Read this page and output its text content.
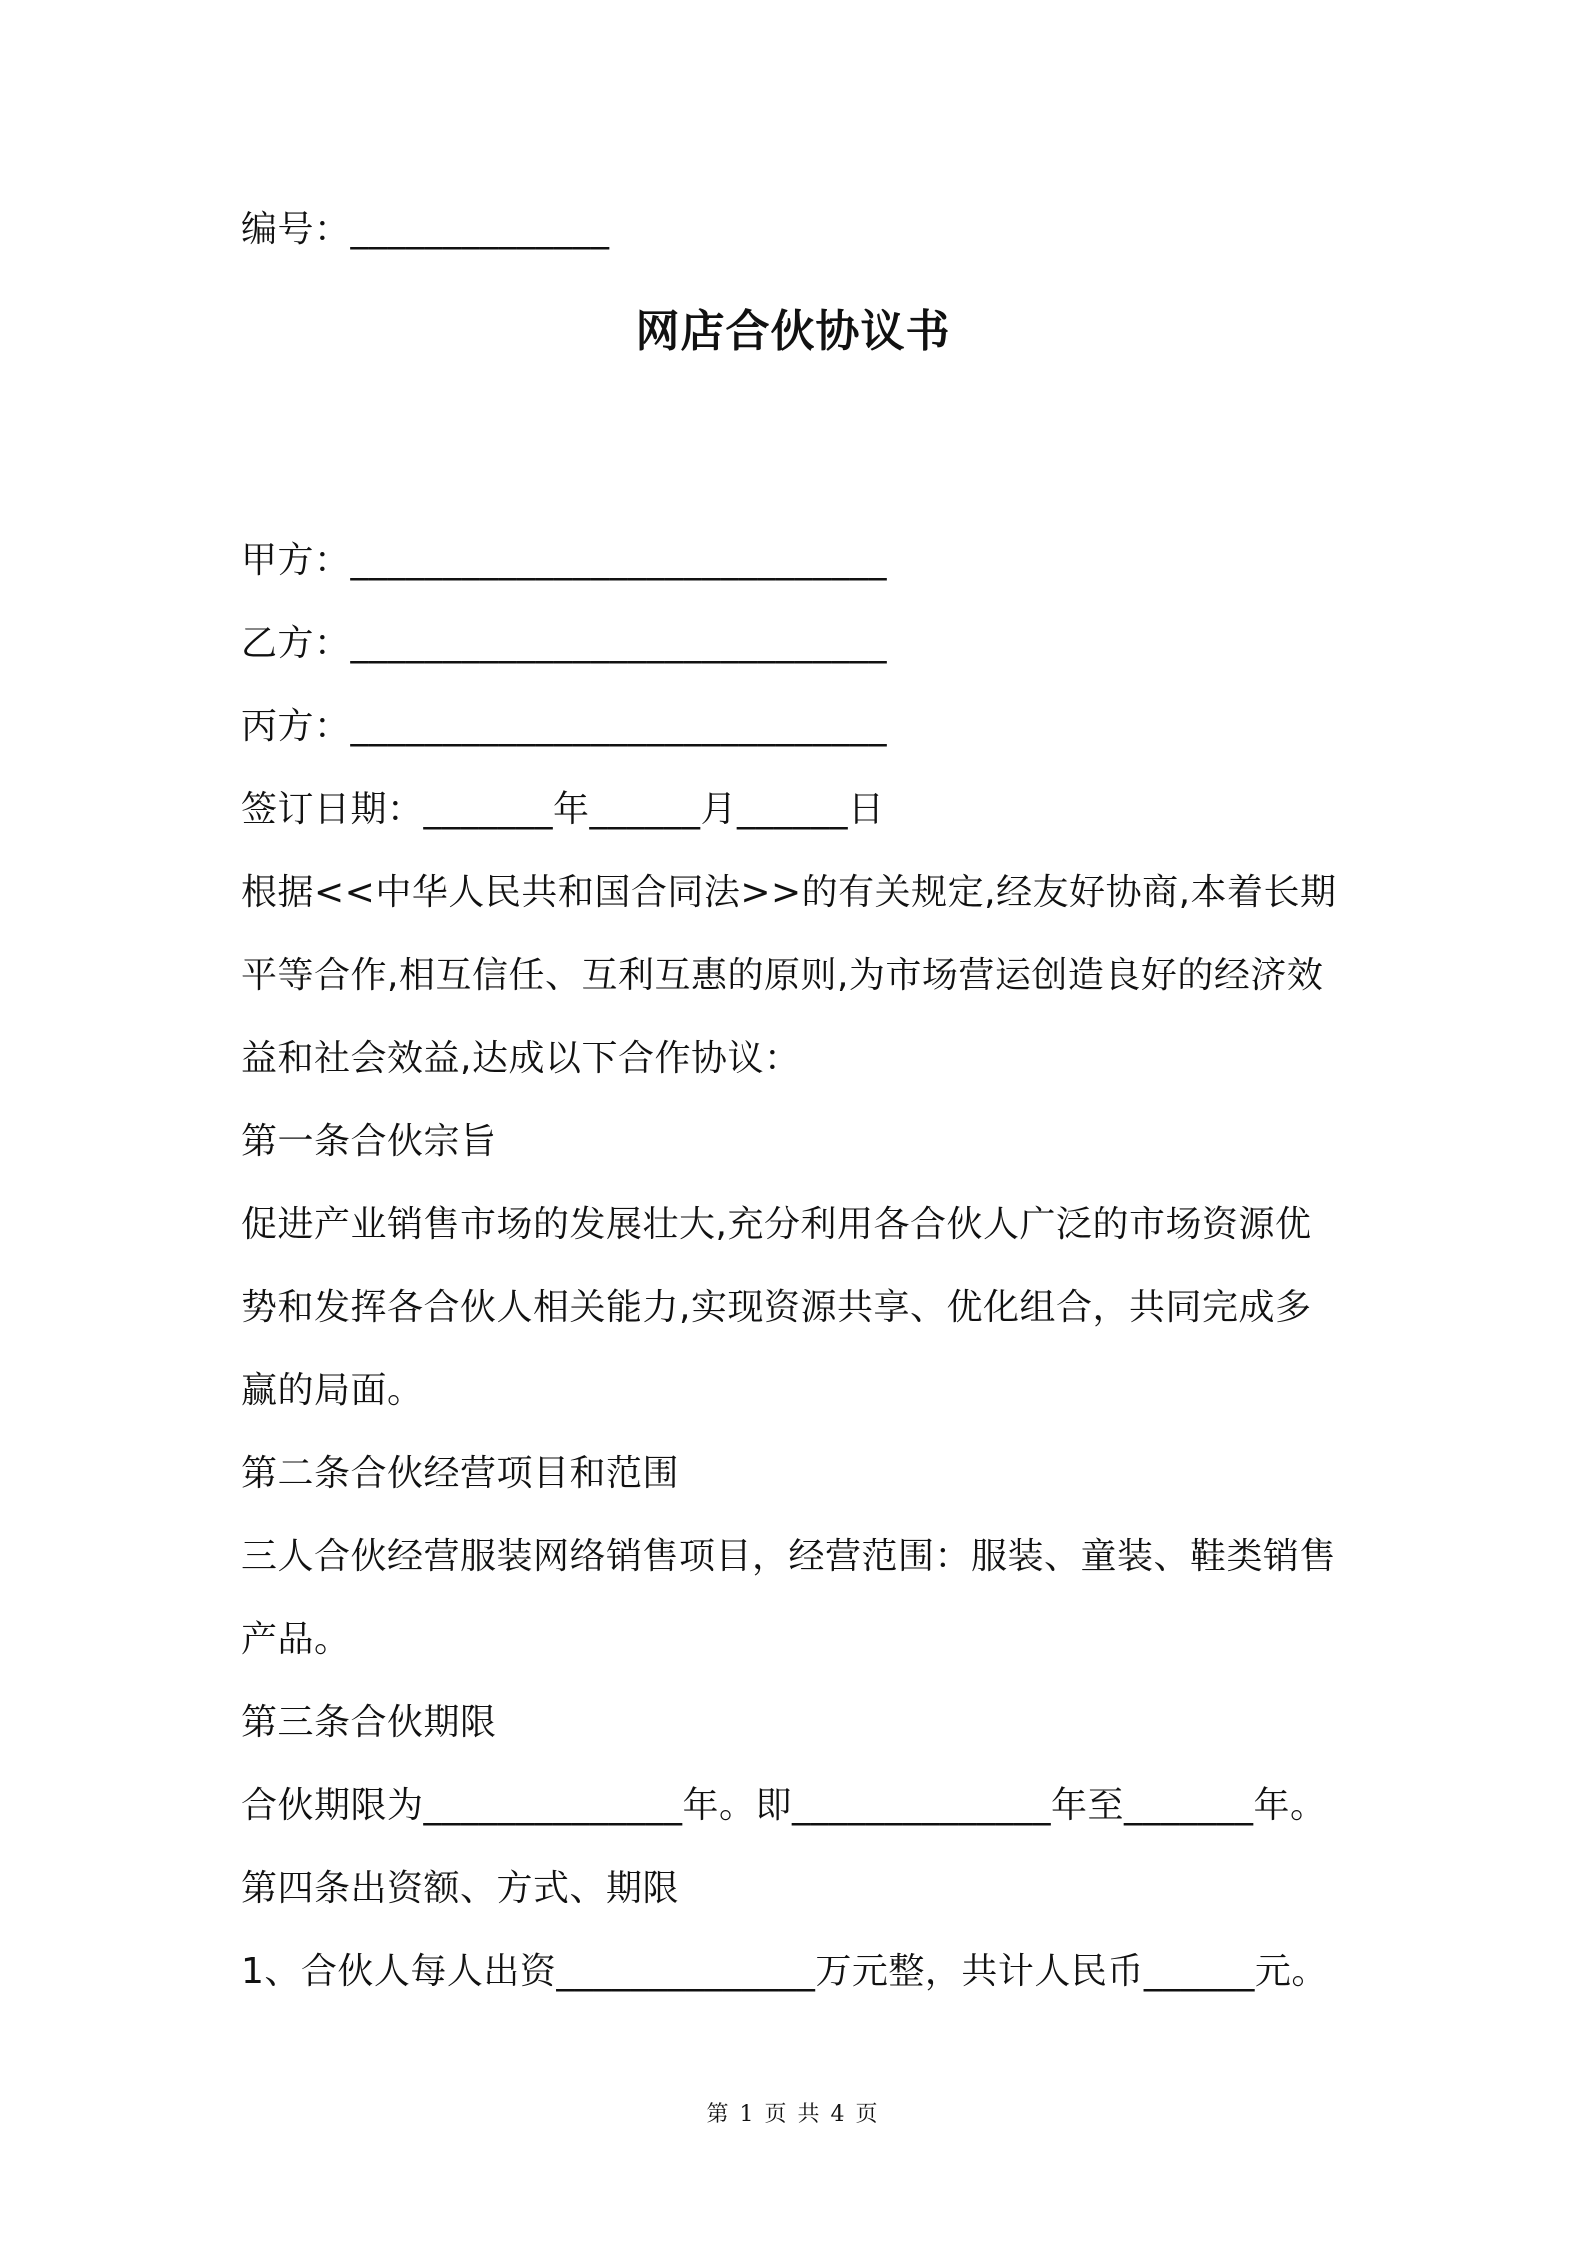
编号：______________
网店合伙协议书
甲方：_____________________________
乙方：_____________________________
丙方：_____________________________
签订日期：_______年______月______日
根据<<中华人民共和国合同法>>的有关规定,经友好协商,本着长期
平等合作,相互信任、互利互惠的原则,为市场营运创造良好的经济效
益和社会效益,达成以下合作协议：
第一条合伙宗旨
促进产业销售市场的发展壮大,充分利用各合伙人广泛的市场资源优
势和发挥各合伙人相关能力,实现资源共享、优化组合，共同完成多
赢的局面。
第二条合伙经营项目和范围
三人合伙经营服装网络销售项目，经营范围：服装、童装、鞋类销售
产品。
第三条合伙期限
合伙期限为______________年。即______________年至_______年。
第四条出资额、方式、期限
1、合伙人每人出资______________万元整，共计人民币______元。
第 1 页 共 4 页
